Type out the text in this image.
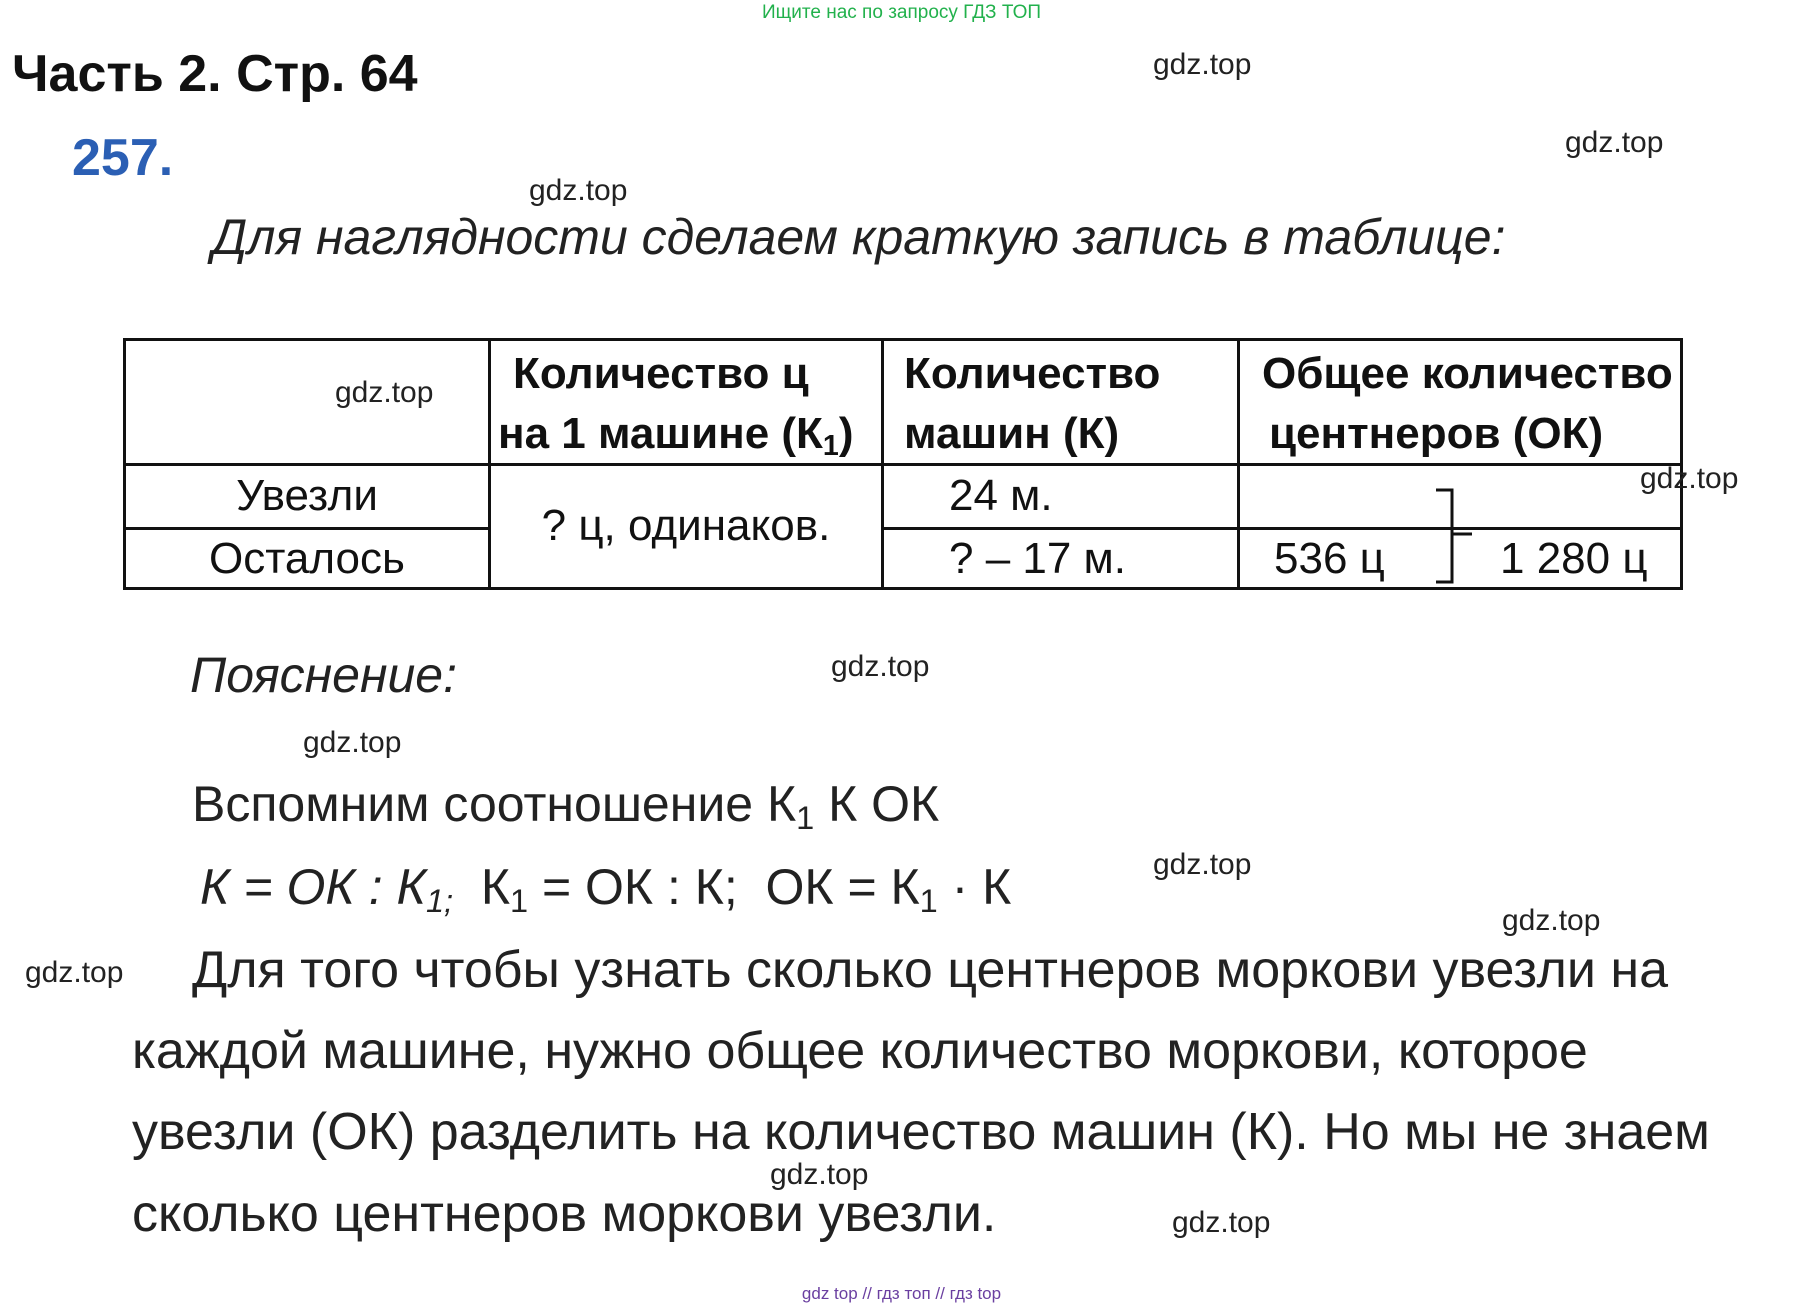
Ищите нас по запросу ГДЗ ТОП
Часть 2. Стр. 64
257.
Для наглядности сделаем краткую запись в таблице:
Количество ц
на 1 машине (К1)
Количество
машин (К)
Общее количество
центнеров (ОК)
Увезли
Осталось
? ц, одинаков.
24 м.
? – 17 м.	536 ц	1 280 ц
Пояснение:
Вспомним соотношение К1 К ОК
К = ОК : К1;  К1 = ОК : К;  ОК = К1 · К
Для того чтобы узнать сколько центнеров моркови увезли на
каждой машине, нужно общее количество моркови, которое
увезли (ОК) разделить на количество машин (К). Но мы не знаем
сколько центнеров моркови увезли.
gdz.top
gdz.top
gdz.top
gdz.top
gdz.top
gdz.top
gdz.top
gdz.top
gdz.top
gdz.top
gdz.top
gdz.top
gdz top // гдз топ // гдз top
